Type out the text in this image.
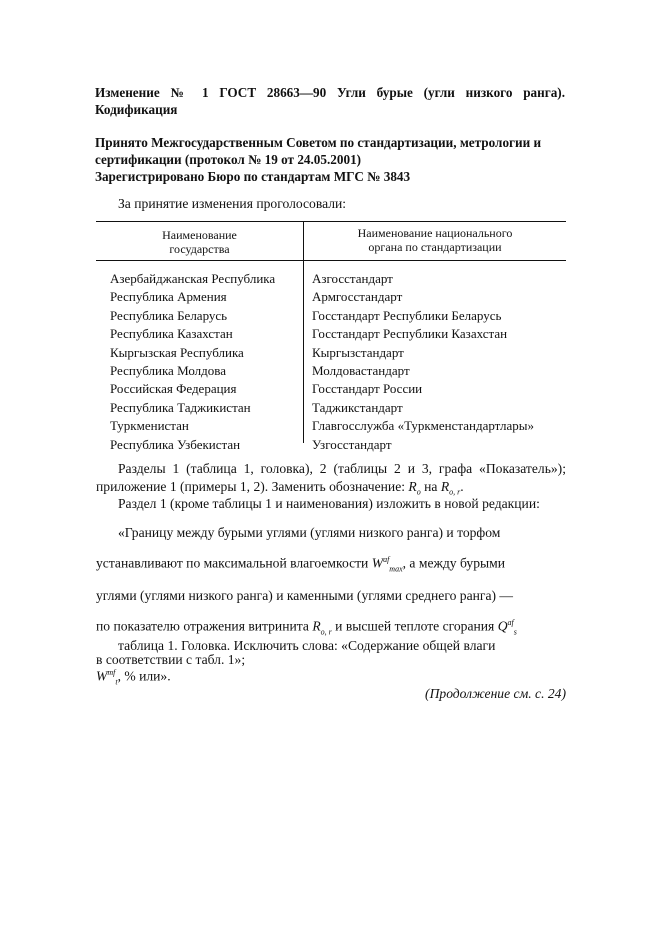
Изменение № 1 ГОСТ 28663—90 Угли бурые (угли низкого ранга). Кодификация
Принято Межгосударственным Советом по стандартизации, метрологии и
сертификации (протокол № 19 от 24.05.2001)
Зарегистрировано Бюро по стандартам МГС № 3843
За принятие изменения проголосовали:
Наименование
государства
Наименование национального
органа по стандартизации
Азербайджанская Республика
Республика Армения
Республика Беларусь
Республика Казахстан
Кыргызская Республика
Республика Молдова
Российская Федерация
Республика Таджикистан
Туркменистан
Республика Узбекистан
Азгосстандарт
Армгосстандарт
Госстандарт Республики Беларусь
Госстандарт Республики Казахстан
Кыргызстандарт
Молдовастандарт
Госстандарт России
Таджикстандарт
Главгосслужба «Туркменстандартлары»
Узгосстандарт
Разделы 1 (таблица 1, головка), 2 (таблицы 2 и 3, графа «Показатель»); приложение 1 (примеры 1, 2). Заменить обозначение: $R_o$ на $R_{o, r}$.
Раздел 1 (кроме таблицы 1 и наименования) изложить в новой редакции:
«Границу между бурыми углями (углями низкого ранга) и торфом
устанавливают по максимальной влагоемкости $W^{af}_{max}$, а между бурыми
углями (углями низкого ранга) и каменными (углями среднего ранга) —
по показателю отражения витринита $R_{o, r}$ и высшей теплоте сгорания $Q^{af}_s$
в соответствии с табл. 1»;
таблица 1. Головка. Исключить слова: «Содержание общей влаги
$W^{mf}_t$, % или».
(Продолжение см. с. 24)
